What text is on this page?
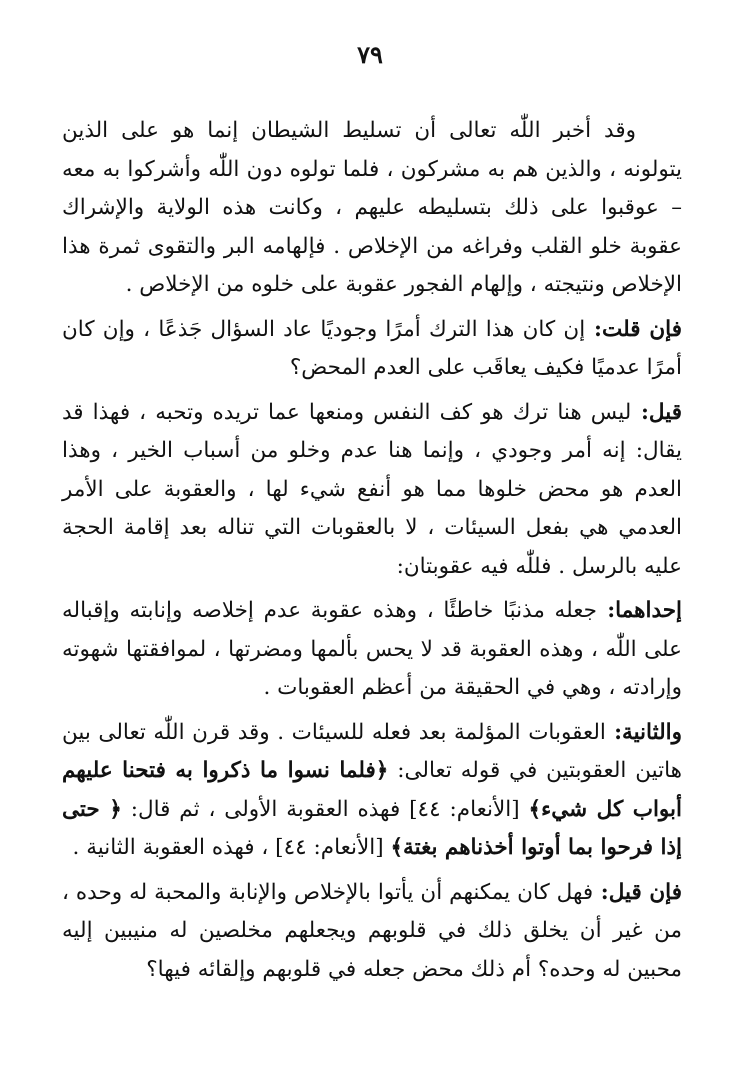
٧٩

وقد أخبر اللّٰه تعالى أن تسليط الشيطان إنما هو على الذين يتولونه ، والذين هم به مشركون ، فلما تولوه دون اللّٰه وأشركوا به معه – عوقبوا على ذلك بتسليطه عليهم ، وكانت هذه الولاية والإشراك عقوبة خلو القلب وفراغه من الإخلاص . فإلهامه البر والتقوى ثمرة هذا الإخلاص ونتيجته ، وإلهام الفجور عقوبة على خلوه من الإخلاص .

فإن قلت: إن كان هذا الترك أمرًا وجوديًا عاد السؤال جَذعًا ، وإن كان أمرًا عدميًا فكيف يعاقَب على العدم المحض؟

قيل: ليس هنا ترك هو كف النفس ومنعها عما تريده وتحبه ، فهذا قد يقال: إنه أمر وجودي ، وإنما هنا عدم وخلو من أسباب الخير ، وهذا العدم هو محض خلوها مما هو أنفع شيء لها ، والعقوبة على الأمر العدمي هي بفعل السيئات ، لا بالعقوبات التي تناله بعد إقامة الحجة عليه بالرسل . فللّٰه فيه عقوبتان:

إحداهما: جعله مذنبًا خاطئًا ، وهذه عقوبة عدم إخلاصه وإنابته وإقباله على اللّٰه ، وهذه العقوبة قد لا يحس بألمها ومضرتها ، لموافقتها شهوته وإرادته ، وهي في الحقيقة من أعظم العقوبات .

والثانية: العقوبات المؤلمة بعد فعله للسيئات . وقد قرن اللّٰه تعالى بين هاتين العقوبتين في قوله تعالى: ﴿فلما نسوا ما ذكروا به فتحنا عليهم أبواب كل شيء﴾ [الأنعام: ٤٤] فهذه العقوبة الأولى ، ثم قال: ﴿ حتى إذا فرحوا بما أوتوا أخذناهم بغتة﴾ [الأنعام: ٤٤] ، فهذه العقوبة الثانية .

فإن قيل: فهل كان يمكنهم أن يأتوا بالإخلاص والإنابة والمحبة له وحده ، من غير أن يخلق ذلك في قلوبهم ويجعلهم مخلصين له منيبين إليه محبين له وحده؟ أم ذلك محض جعله في قلوبهم وإلقائه فيها؟
